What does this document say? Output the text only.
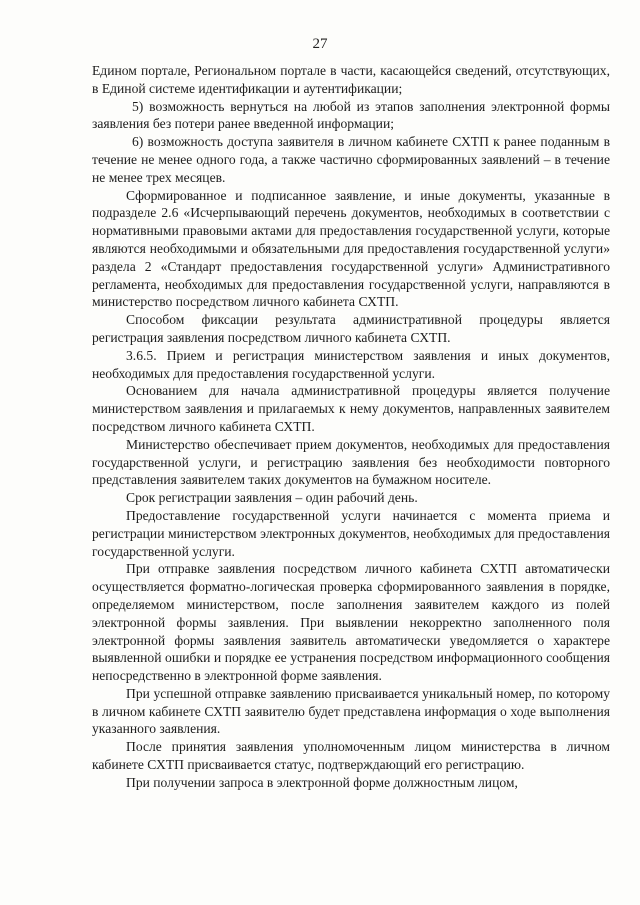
27

Едином портале, Региональном портале в части, касающейся сведений, отсутствующих, в Единой системе идентификации и аутентификации;

5) возможность вернуться на любой из этапов заполнения электронной формы заявления без потери ранее введенной информации;

6) возможность доступа заявителя в личном кабинете СХТП к ранее поданным в течение не менее одного года, а также частично сформированных заявлений – в течение не менее трех месяцев.

Сформированное и подписанное заявление, и иные документы, указанные в подразделе 2.6 «Исчерпывающий перечень документов, необходимых в соответствии с нормативными правовыми актами для предоставления государственной услуги, которые являются необходимыми и обязательными для предоставления государственной услуги» раздела 2 «Стандарт предоставления государственной услуги» Административного регламента, необходимых для предоставления государственной услуги, направляются в министерство посредством личного кабинета СХТП.

Способом фиксации результата административной процедуры является регистрация заявления посредством личного кабинета СХТП.

3.6.5. Прием и регистрация министерством заявления и иных документов, необходимых для предоставления государственной услуги.

Основанием для начала административной процедуры является получение министерством заявления и прилагаемых к нему документов, направленных заявителем посредством личного кабинета СХТП.

Министерство обеспечивает прием документов, необходимых для предоставления государственной услуги, и регистрацию заявления без необходимости повторного представления заявителем таких документов на бумажном носителе.

Срок регистрации заявления – один рабочий день.

Предоставление государственной услуги начинается с момента приема и регистрации министерством электронных документов, необходимых для предоставления государственной услуги.

При отправке заявления посредством личного кабинета СХТП автоматически осуществляется форматно-логическая проверка сформированного заявления в порядке, определяемом министерством, после заполнения заявителем каждого из полей электронной формы заявления. При выявлении некорректно заполненного поля электронной формы заявления заявитель автоматически уведомляется о характере выявленной ошибки и порядке ее устранения посредством информационного сообщения непосредственно в электронной форме заявления.

При успешной отправке заявлению присваивается уникальный номер, по которому в личном кабинете СХТП заявителю будет представлена информация о ходе выполнения указанного заявления.

После принятия заявления уполномоченным лицом министерства в личном кабинете СХТП присваивается статус, подтверждающий его регистрацию.

При получении запроса в электронной форме должностным лицом,
